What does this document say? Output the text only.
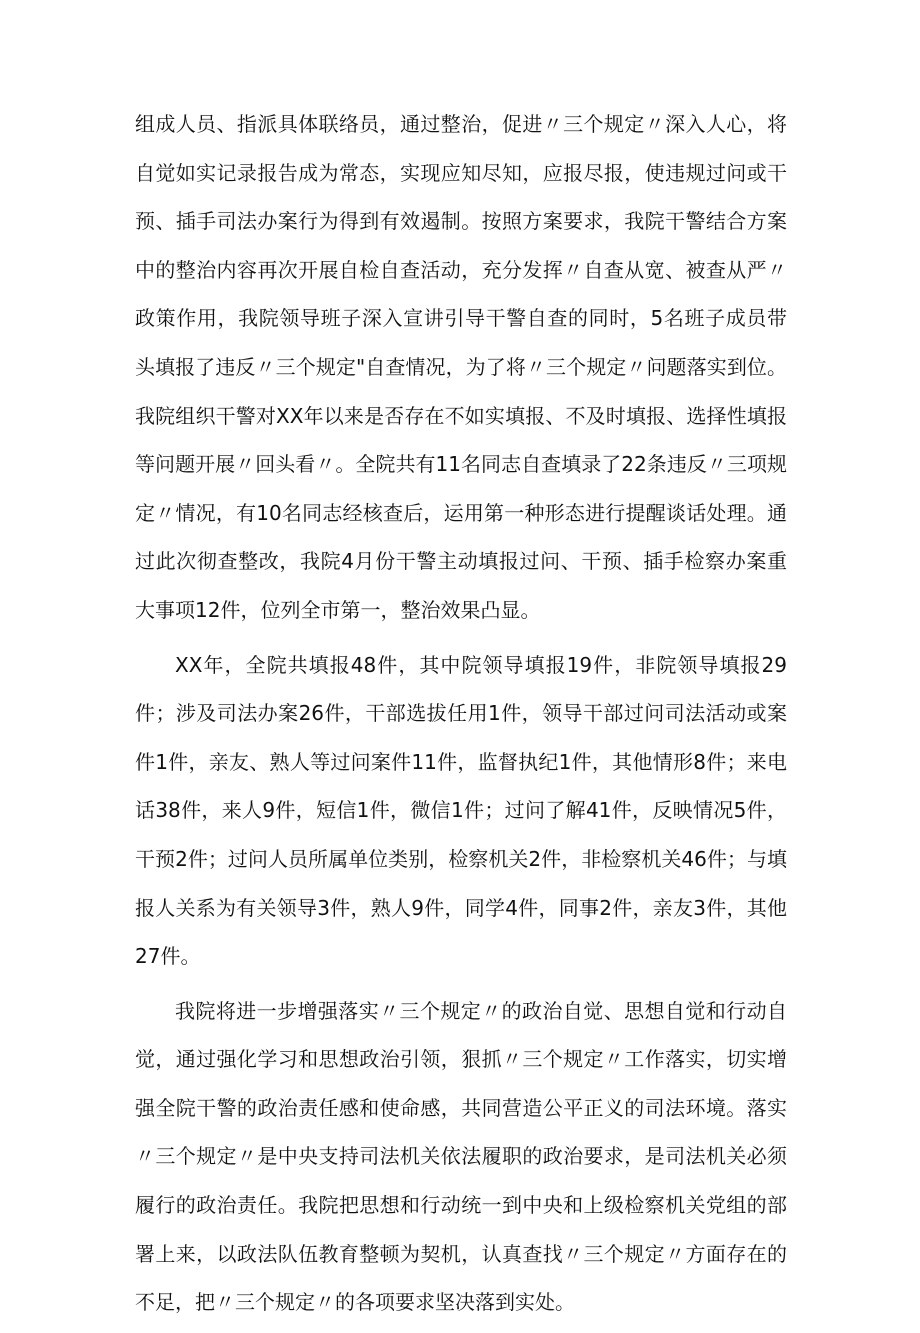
组成人员、指派具体联络员，通过整治，促进〃三个规定〃深入人心，将自觉如实记录报告成为常态，实现应知尽知，应报尽报，使违规过问或干预、插手司法办案行为得到有效遏制。按照方案要求，我院干警结合方案中的整治内容再次开展自检自查活动，充分发挥〃自查从宽、被查从严〃政策作用，我院领导班子深入宣讲引导干警自查的同时，5名班子成员带头填报了违反〃三个规定"自查情况，为了将〃三个规定〃问题落实到位。我院组织干警对XX年以来是否存在不如实填报、不及时填报、选择性填报等问题开展〃回头看〃。全院共有11名同志自查填录了22条违反〃三项规定〃情况，有10名同志经核查后，运用第一种形态进行提醒谈话处理。通过此次彻查整改，我院4月份干警主动填报过问、干预、插手检察办案重大事项12件，位列全市第一，整治效果凸显。

XX年，全院共填报48件，其中院领导填报19件，非院领导填报29件；涉及司法办案26件，干部选拔任用1件，领导干部过问司法活动或案件1件，亲友、熟人等过问案件11件，监督执纪1件，其他情形8件；来电话38件，来人9件，短信1件，微信1件；过问了解41件，反映情况5件，干预2件；过问人员所属单位类别，检察机关2件，非检察机关46件；与填报人关系为有关领导3件，熟人9件，同学4件，同事2件，亲友3件，其他27件。

我院将进一步增强落实〃三个规定〃的政治自觉、思想自觉和行动自觉，通过强化学习和思想政治引领，狠抓〃三个规定〃工作落实，切实增强全院干警的政治责任感和使命感，共同营造公平正义的司法环境。落实〃三个规定〃是中央支持司法机关依法履职的政治要求，是司法机关必须履行的政治责任。我院把思想和行动统一到中央和上级检察机关党组的部署上来，以政法队伍教育整顿为契机，认真查找〃三个规定〃方面存在的不足，把〃三个规定〃的各项要求坚决落到实处。
